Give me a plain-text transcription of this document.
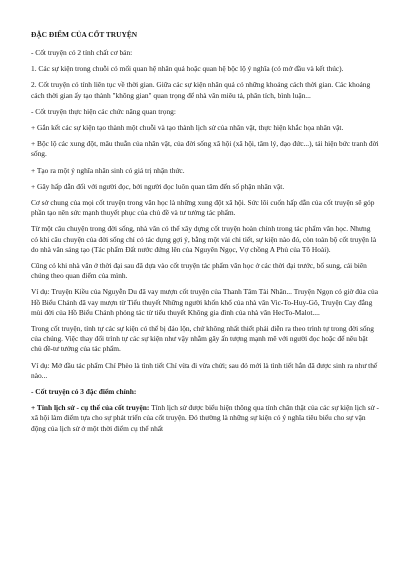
ĐẶC ĐIỂM CỦA CỐT TRUYỆN

- Cốt truyện có 2 tính chất cơ bản:

1. Các sự kiện trong chuỗi có mối quan hệ nhân quả hoặc quan hệ bộc lộ ý nghĩa (có mở đầu và kết thúc).

2. Cốt truyện có tính liên tục về thời gian. Giữa các sự kiện nhân quả có những khoảng cách thời gian. Các khoảng cách thời gian ấy tạo thành "không gian" quan trọng để nhà văn miêu tả, phân tích, bình luận...

- Cốt truyện thực hiện các chức năng quan trọng:

+ Gắn kết các sự kiện tạo thành một chuỗi và tạo thành lịch sử của nhân vật, thực hiện khắc họa nhân vật.

+ Bộc lộ các xung đột, mâu thuẫn của nhân vật, của đời sống xã hội (xã hội, tâm lý, đạo đức...), tái hiện bức tranh đời sống.

+ Tạo ra một ý nghĩa nhân sinh có giá trị nhận thức.

+ Gây hấp dẫn đối với người đọc, bởi người đọc luôn quan tâm đến số phận nhân vật.

Cơ sở chung của mọi cốt truyện trong văn học là những xung đột xã hội. Sức lôi cuốn hấp dẫn của cốt truyện sẽ góp phần tạo nên sức mạnh thuyết phục của chủ đề và tư tưởng tác phẩm.

Từ một câu chuyện trong đời sống, nhà văn có thể xây dựng cốt truyện hoàn chỉnh trong tác phẩm văn học. Nhưng có khi câu chuyện của đời sống chỉ có tác dụng gợi ý, bằng một vài chi tiết, sự kiện nào đó, còn toàn bộ cốt truyện là do nhà văn sáng tạo (Tác phẩm Đất nước đứng lên của Nguyên Ngọc, Vợ chồng A Phủ của Tô Hoài).

Cũng có khi nhà văn ở thời đại sau đã dựa vào cốt truyện tác phẩm văn học ở các thời đại trước, bổ sung, cải biên chúng theo quan điểm của mình.

Ví dụ: Truyện Kiều của Nguyễn Du đã vay mượn cốt truyện của Thanh Tâm Tài Nhân... Truyện Ngọn có giờ đúa của Hồ Biểu Chánh đã vay mượn từ Tiểu thuyết Những người khốn khổ của nhà văn Vic-To-Huy-Gô, Truyện Cay đắng mùi đời của Hồ Biểu Chánh phỏng tác từ tiểu thuyết Không gia đình của nhà văn HecTo-Malot....

Trong cốt truyện, tính tự các sự kiện có thể bị đảo lộn, chứ không nhất thiết phải diễn ra theo trình tự trong đời sống của chúng. Việc thay đổi trình tự các sự kiện như vậy nhằm gây ấn tượng mạnh mẽ với người đọc hoặc để nêu bật chủ đề-tư tưởng của tác phẩm.

Ví dụ: Mở đầu tác phẩm Chí Phèo là tình tiết Chí vừa đi vừa chửi; sau đó mới là tình tiết hắn đã được sinh ra như thế nào...

- Cốt truyện có 3 đặc điểm chính:

+ Tính lịch sử - cụ thể của cốt truyện: Tính lịch sử được biểu hiện thông qua tính chân thật của các sự kiện lịch sử - xã hội làm điểm tựa cho sự phát triển của cốt truyện. Đó thường là những sự kiện có ý nghĩa tiêu biểu cho sự vận động của lịch sử ở một thời điểm cụ thể nhất
